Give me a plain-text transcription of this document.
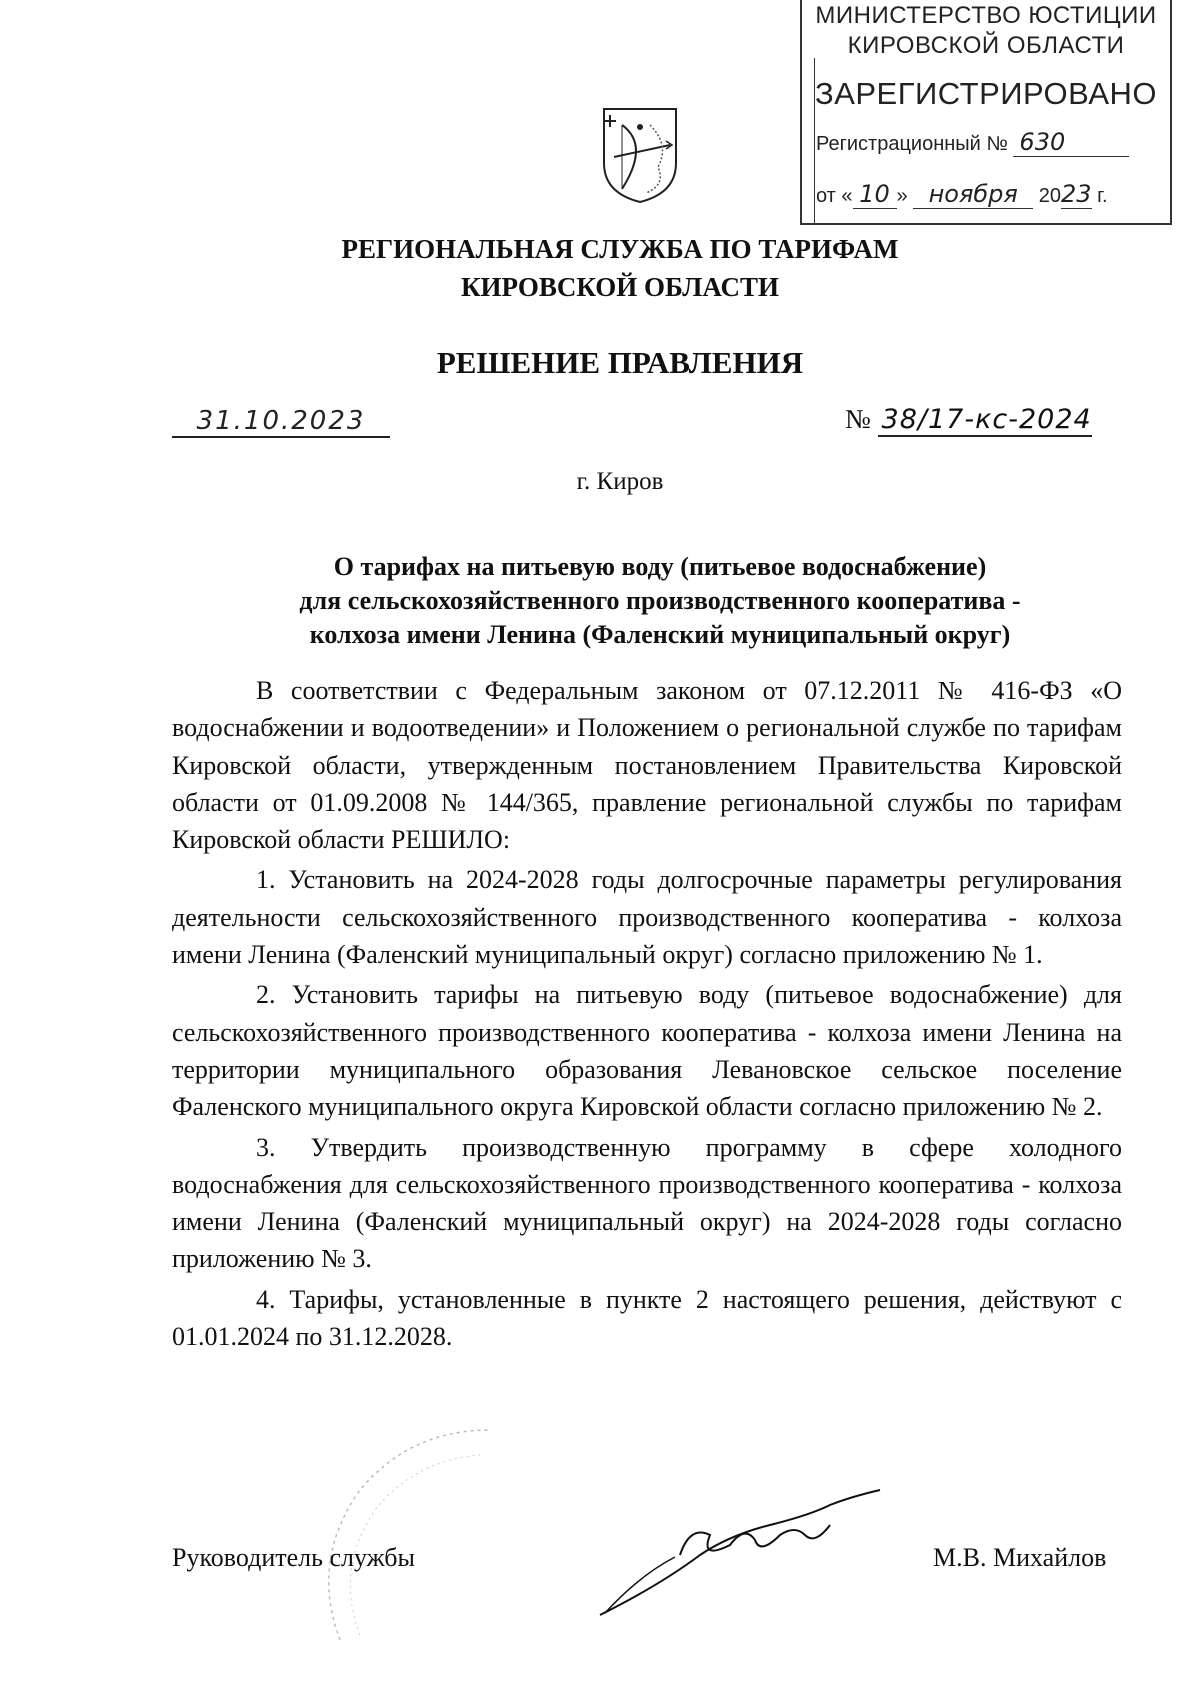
МИНИСТЕРСТВО ЮСТИЦИИ
КИРОВСКОЙ ОБЛАСТИ
ЗАРЕГИСТРИРОВАНО
Регистрационный № 630
от « 10 » ноября 2023 г.
РЕГИОНАЛЬНАЯ СЛУЖБА ПО ТАРИФАМ
КИРОВСКОЙ ОБЛАСТИ
РЕШЕНИЕ ПРАВЛЕНИЯ
31.10.2023	№ 38/17-кс-2024
г. Киров
О тарифах на питьевую воду (питьевое водоснабжение)
для сельскохозяйственного производственного кооператива -
колхоза имени Ленина (Фаленский муниципальный округ)

В соответствии с Федеральным законом от 07.12.2011 № 416-ФЗ «О водоснабжении и водоотведении» и Положением о региональной службе по тарифам Кировской области, утвержденным постановлением Правительства Кировской области от 01.09.2008 № 144/365, правление региональной службы по тарифам Кировской области РЕШИЛО:

1. Установить на 2024-2028 годы долгосрочные параметры регулирования деятельности сельскохозяйственного производственного кооператива - колхоза имени Ленина (Фаленский муниципальный округ) согласно приложению № 1.

2. Установить тарифы на питьевую воду (питьевое водоснабжение) для сельскохозяйственного производственного кооператива - колхоза имени Ленина на территории муниципального образования Левановское сельское поселение Фаленского муниципального округа Кировской области согласно приложению № 2.

3. Утвердить производственную программу в сфере холодного водоснабжения для сельскохозяйственного производственного кооператива - колхоза имени Ленина (Фаленский муниципальный округ) на 2024-2028 годы согласно приложению № 3.

4. Тарифы, установленные в пункте 2 настоящего решения, действуют с 01.01.2024 по 31.12.2028.

Руководитель службы	М.В. Михайлов
